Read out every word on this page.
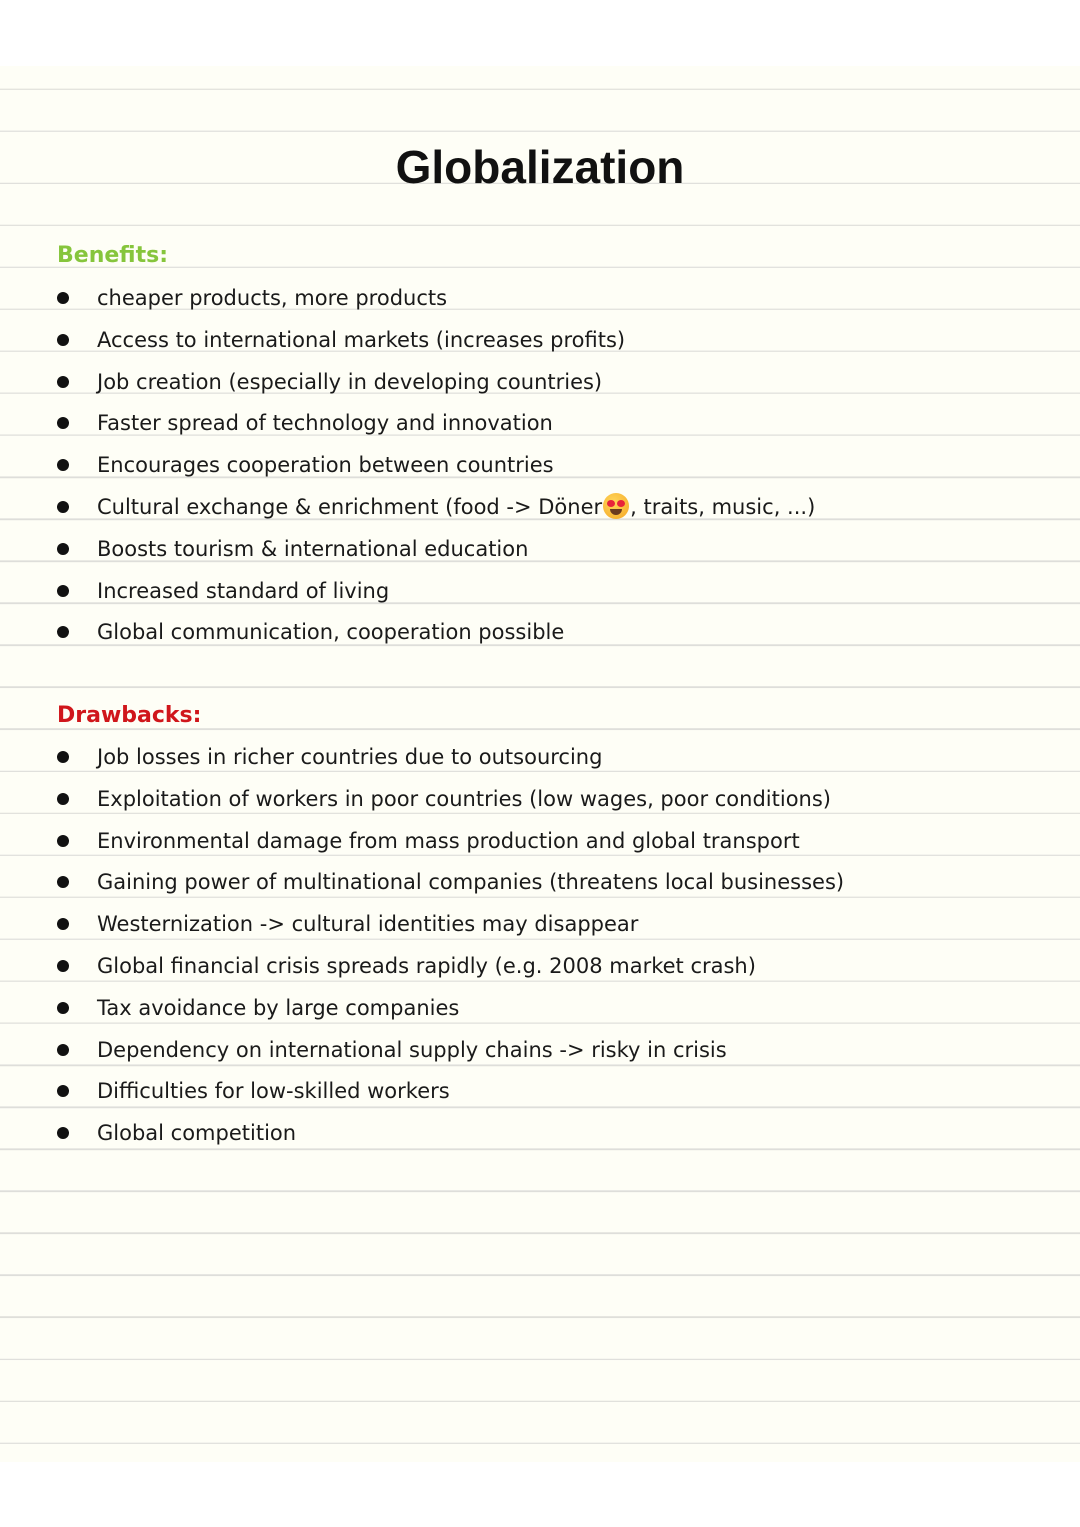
Globalization
Benefits:
cheaper products, more products
Access to international markets (increases profits)
Job creation (especially in developing countries)
Faster spread of technology and innovation
Encourages cooperation between countries
Cultural exchange & enrichment (food -> Döner , traits, music, ...)
Boosts tourism & international education
Increased standard of living
Global communication, cooperation possible
Drawbacks:
Job losses in richer countries due to outsourcing
Exploitation of workers in poor countries (low wages, poor conditions)
Environmental damage from mass production and global transport
Gaining power of multinational companies (threatens local businesses)
Westernization -> cultural identities may disappear
Global financial crisis spreads rapidly (e.g. 2008 market crash)
Tax avoidance by large companies
Dependency on international supply chains -> risky in crisis
Difficulties for low-skilled workers
Global competition
